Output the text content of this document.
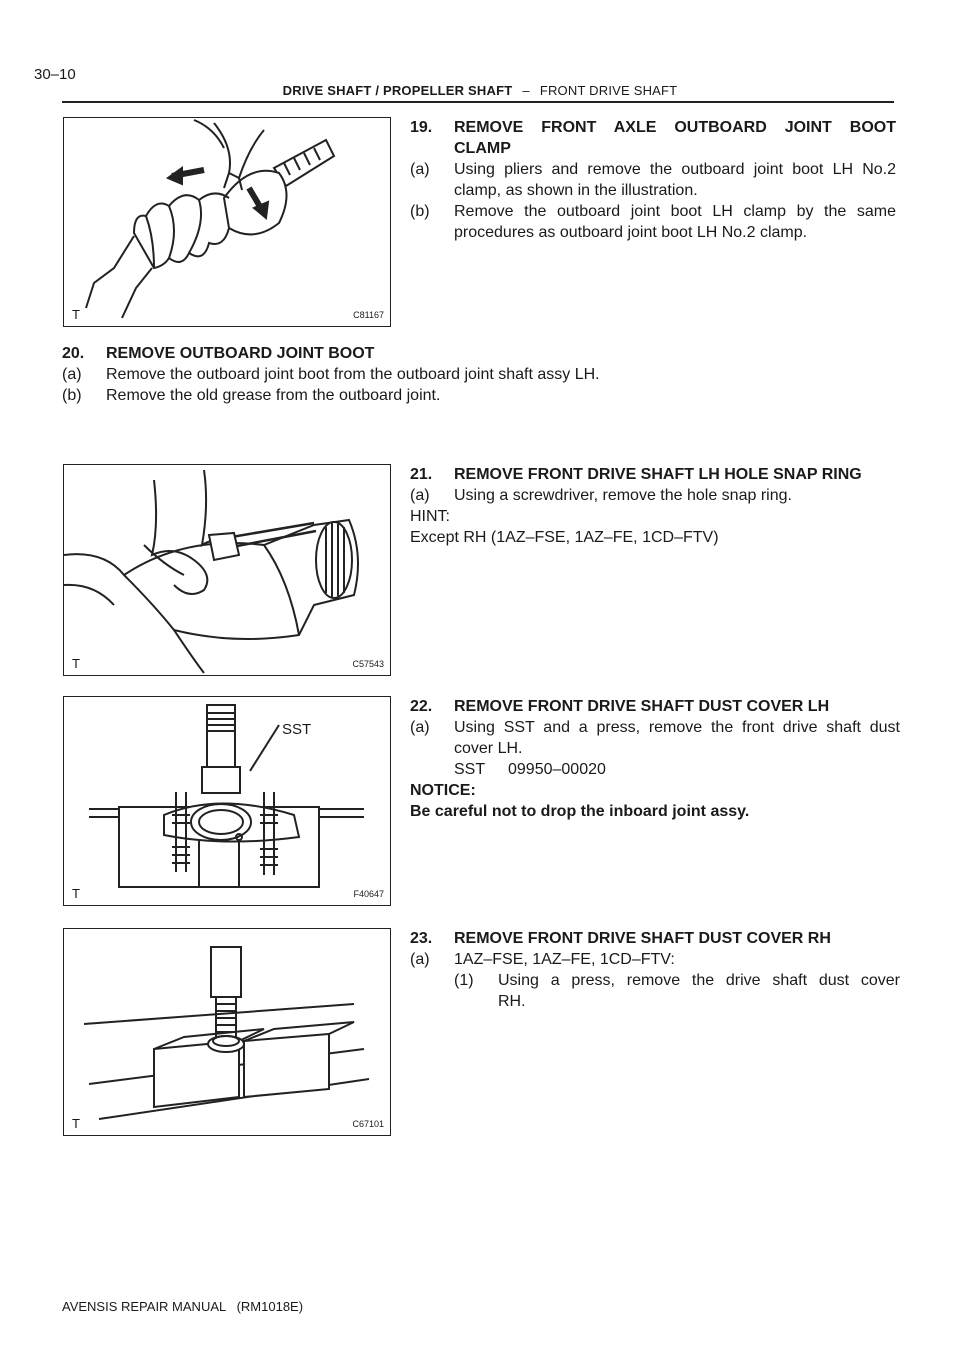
30–10
DRIVE SHAFT / PROPELLER SHAFT – FRONT DRIVE SHAFT
T	C81167
19. REMOVE FRONT AXLE OUTBOARD JOINT BOOT
CLAMP
(a)	Using pliers and remove the outboard joint boot LH No.2
clamp, as shown in the illustration.
(b)	Remove the outboard joint boot LH clamp by the same
procedures as outboard joint boot LH No.2 clamp.
20. REMOVE OUTBOARD JOINT BOOT
(a)	Remove the outboard joint boot from the outboard joint shaft assy LH.
(b)	Remove the old grease from the outboard joint.
T	C57543
21. REMOVE FRONT DRIVE SHAFT LH HOLE SNAP RING
(a)	Using a screwdriver, remove the hole snap ring.
HINT:
Except RH (1AZ–FSE, 1AZ–FE, 1CD–FTV)
SST
T	F40647
22. REMOVE FRONT DRIVE SHAFT DUST COVER LH
(a)	Using SST and a press, remove the front drive shaft dust
cover LH.
SST 09950–00020
NOTICE:
Be careful not to drop the inboard joint assy.
T	C67101
23. REMOVE FRONT DRIVE SHAFT DUST COVER RH
(a)	1AZ–FSE, 1AZ–FE, 1CD–FTV:
(1)	Using a press, remove the drive shaft dust cover
RH.
AVENSIS REPAIR MANUAL   (RM1018E)
